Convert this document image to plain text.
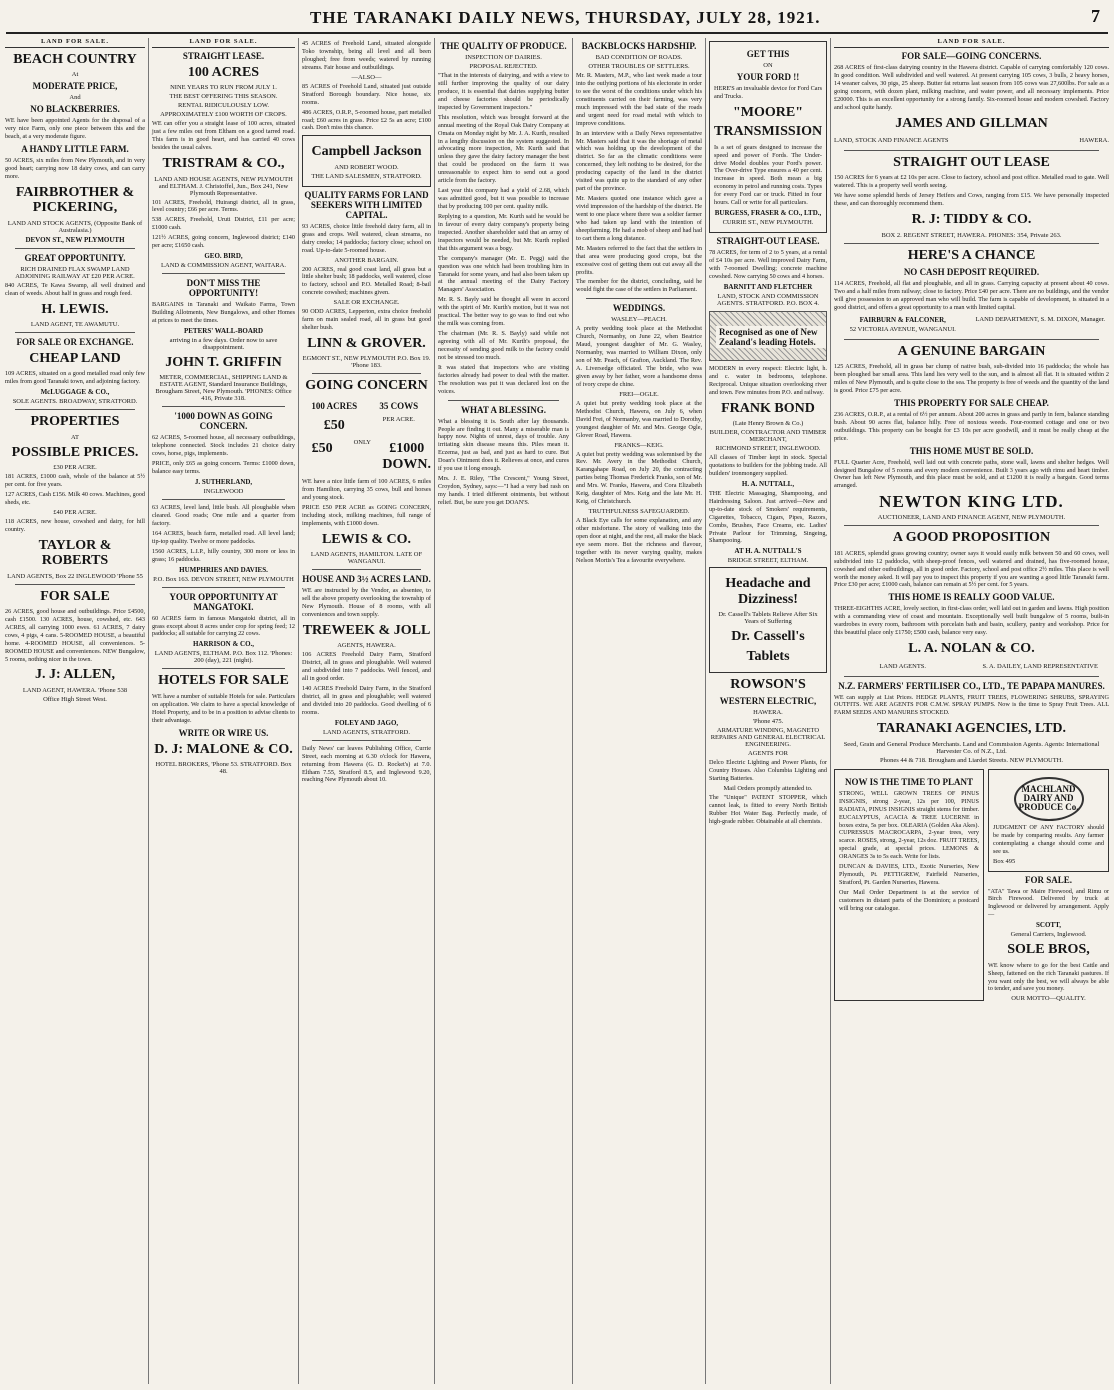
THE TARANAKI DAILY NEWS, THURSDAY, JULY 28, 1921.	7
LAND FOR SALE.
BEACH COUNTRY
At
MODERATE PRICE,
And
NO BLACKBERRIES.
WE have been appointed Agents for the disposal of a very nice Farm, only one piece between this and the beach, at a very moderate figure.
A HANDY LITTLE FARM.
50 ACRES, six miles from New Plymouth, and in very good heart; carrying now 18 dairy cows, and can carry more.
FAIRBROTHER & PICKERING,
LAND AND STOCK AGENTS, (Opposite Bank of Australasia.)
DEVON ST., NEW PLYMOUTH
GREAT OPPORTUNITY.
RICH DRAINED FLAX SWAMP LAND ADJOINING RAILWAY AT £20 PER ACRE.
840 ACRES, Te Kawa Swamp, all well drained and clean of weeds. About half in grass and rough feed.
H. LEWIS.
LAND AGENT, TE AWAMUTU.
FOR SALE OR EXCHANGE.
CHEAP LAND
109 ACRES, situated on a good metalled road only few miles from good Taranaki town, and adjoining factory.
McLUGGAGE & CO.,
SOLE AGENTS. BROADWAY, STRATFORD.
PROPERTIES
AT
POSSIBLE PRICES.
£30 PER ACRE.
181 ACRES, £1000 cash, whole of the balance at 5½ per cent. for five years.
127 ACRES, Cash £156. Milk 40 cows. Machines, good sheds, etc.
£40 PER ACRE.
118 ACRES, new house, cowshed and dairy, for hill country.
TAYLOR & ROBERTS
LAND AGENTS, Box 22 INGLEWOOD 'Phone 55
FOR SALE
26 ACRES, good house and outbuildings. Price £4500, cash £1500. 130 ACRES, house, cowshed, etc. 643 ACRES, all carrying 1000 ewes. 61 ACRES, 7 dairy cows, 4 pigs, 4 cans. 5-ROOMED HOUSE, a beautiful home. 4-ROOMED HOUSE, all conveniences. 5-ROOMED HOUSE and conveniences. NEW Bungalow, 5 rooms, nothing nicer in the town.
J. J: ALLEN,
LAND AGENT, HAWERA. 'Phone 538
Office High Street West.
LAND FOR SALE.
STRAIGHT LEASE.
100 ACRES
NINE YEARS TO RUN FROM JULY 1.
THE BEST OFFERING THIS SEASON.
RENTAL RIDICULOUSLY LOW.
APPROXIMATELY £100 WORTH OF CROPS.
WE can offer you a straight lease of 100 acres, situated just a few miles out from Eltham on a good tarred road. This farm is in good heart, and has carried 40 cows besides the usual calves.
TRISTRAM & CO.,
LAND AND HOUSE AGENTS, NEW PLYMOUTH and ELTHAM. J. Christoffel, Jun., Box 241, New Plymouth Representative.
101 ACRES, Freehold, Huirangi district, all in grass, level country; £66 per acre. Terms.
538 ACRES, Freehold, Uruti District, £11 per acre; £1000 cash.
121½ ACRES, going concern, Inglewood district; £140 per acre; £1650 cash.
GEO. BIRD,
LAND & COMMISSION AGENT, WAITARA.
DON'T MISS THE OPPORTUNITY!
BARGAINS in Taranaki and Waikato Farms, Town Building Allotments, New Bungalows, and other Homes at prices to meet the times.
PETERS' WALL-BOARD
arriving in a few days. Order now to save disappointment.
JOHN T. GRIFFIN
METER, COMMERCIAL, SHIPPING LAND & ESTATE AGENT, Standard Insurance Buildings, Brougham Street, New Plymouth. 'PHONES: Office 416, Private 318.
'1000 DOWN AS GOING CONCERN.
62 ACRES, 5-roomed house, all necessary outbuildings, telephone connected. Stock includes 21 choice dairy cows, horse, pigs, implements.
PRICE, only £65 as going concern. Terms: £1000 down, balance easy terms.
J. SUTHERLAND,
INGLEWOOD
63 ACRES, level land, little bush. All ploughable when cleared. Good roads; One mile and a quarter from factory.
164 ACRES, beach farm, metalled road. All level land; tip-top quality. Twelve or more paddocks.
1560 ACRES, L.I.P., hilly country, 300 more or less in grass; 16 paddocks.
HUMPHRIES AND DAVIES.
P.O. Box 163. DEVON STREET, NEW PLYMOUTH
YOUR OPPORTUNITY AT MANGATOKI.
60 ACRES farm in famous Mangatoki district, all in grass except about 8 acres under crop for spring feed; 12 paddocks; all suitable for carrying 22 cows.
HARRISON & CO.,
LAND AGENTS, ELTHAM. P.O. Box 112. 'Phones: 200 (day), 221 (night).
HOTELS FOR SALE
WE have a number of suitable Hotels for sale. Particulars on application. We claim to have a special knowledge of Hotel Property, and to be in a position to advise clients to their advantage.
WRITE OR WIRE US.
D. J: MALONE & CO.
HOTEL BROKERS, 'Phone 53. STRATFORD. Box 48.
45 ACRES of Freehold Land, situated alongside Toko township, being all level and all been ploughed; free from weeds; watered by running streams. Fair house and outbuildings.
—ALSO—
85 ACRES of Freehold Land, situated just outside Stratford Borough boundary. Nice house, six rooms.
486 ACRES, O.R.P., 5-roomed house, part metalled road; £60 acres in grass. Price £2 5s an acre; £100 cash. Don't miss this chance.
Campbell Jackson
AND ROBERT WOOD.
THE LAND SALESMEN, STRATFORD.
QUALITY FARMS FOR LAND SEEKERS WITH LIMITED CAPITAL.
93 ACRES, choice little freehold dairy farm, all in grass and crops. Well watered, clean streams, no dairy creeks; 14 paddocks; factory close; school on road. Up-to-date 5-roomed house.
ANOTHER BARGAIN.
200 ACRES, real good coast land, all grass but a little shelter bush; 18 paddocks, well watered, close to factory, school and P.O. Metalled Road; 8-bail concrete cowshed; machines given.
SALE OR EXCHANGE.
90 ODD ACRES, Lepperton, extra choice freehold farm on main sealed road, all in grass but good shelter bush.
LINN & GROVER.
EGMONT ST., NEW PLYMOUTH P.O. Box 19. 'Phone 183.
GOING CONCERN
100 ACRES	35 COWS
£50	PER ACRE.
£50	ONLY	£1000 DOWN.
WE have a nice little farm of 100 ACRES, 6 miles from Hamilton, carrying 35 cows, bull and horses and young stock.
PRICE £50 PER ACRE as GOING CONCERN, including stock, milking machines, full range of implements, with £1000 down.
LEWIS & CO.
LAND AGENTS, HAMILTON. LATE OF WANGANUI.
HOUSE AND 3½ ACRES LAND.
WE are instructed by the Vendor, as absentee, to sell the above property overlooking the township of New Plymouth. House of 8 rooms, with all conveniences and town supply.
TREWEEK & JOLL
AGENTS, HAWERA.
106 ACRES Freehold Dairy Farm, Stratford District, all in grass and ploughable. Well watered and subdivided into 7 paddocks. Well fenced, and all in good order.
140 ACRES Freehold Dairy Farm, in the Stratford district, all in grass and ploughable; well watered and divided into 20 paddocks. Good dwelling of 6 rooms.
FOLEY AND JAGO,
LAND AGENTS, STRATFORD.
Daily News' car leaves Publishing Office, Currie Street, each morning at 6.30 o'clock for Hawera, returning from Hawera (G. D. Rocket's) at 7.0. Eltham 7.55, Stratford 8.5, and Inglewood 9.20, reaching New Plymouth about 10.
THE QUALITY OF PRODUCE.
INSPECTION OF DAIRIES.
PROPOSAL REJECTED.
"That in the interests of dairying, and with a view to still further improving the quality of our dairy produce, it is essential that dairies supplying butter and cheese factories should be periodically inspected by Government inspectors."
This resolution, which was brought forward at the annual meeting of the Royal Oak Dairy Company at Omata on Monday night by Mr. J. A. Kurth, resulted in a lengthy discussion on the system suggested. In advocating more inspection, Mr. Kurth said that unless they gave the dairy factory manager the best that could be produced on the farm it was unreasonable to expect him to send out a good article from the factory.
Last year this company had a yield of 2.68, which was admitted good, but it was possible to increase that by producing 100 per cent. quality milk.
Replying to a question, Mr. Kurth said he would be in favour of every dairy company's property being inspected. Another shareholder said that an army of inspectors would be needed, but Mr. Kurth replied that this argument was a bogy.
The company's manager (Mr. E. Pegg) said the question was one which had been troubling him in Taranaki for some years, and had also been taken up at the annual meeting of the Dairy Factory Managers' Association.
Mr. R. S. Bayly said he thought all were in accord with the spirit of Mr. Kurth's motion, but it was not practical. The better way to go was to find out who the milk was coming from.
The chairman (Mr. R. S. Bayly) said while not agreeing with all of Mr. Kurth's proposal, the necessity of sending good milk to the factory could not be stressed too much.
It was stated that inspectors who are visiting factories already had power to deal with the matter. The resolution was put it was declared lost on the voices.
WHAT A BLESSING.
What a blessing it is. South after lay thousands. People are finding it out. Many a miserable man is happy now. Nights of unrest, days of trouble. Any irritating skin disease means this. Piles mean it. Eczema, just as bad, and just as hard to cure. But Doan's Ointment does it. Relieves at once, and cures if you use it long enough.
Mrs. J. E. Riley, "The Crescent," Young Street, Croydon, Sydney, says:—"I had a very bad rash on my hands. I tried different ointments, but without relief. But, be sure you get DOAN'S.
BACKBLOCKS HARDSHIP.
BAD CONDITION OF ROADS.
OTHER TROUBLES OF SETTLERS.
Mr. R. Masters, M.P., who last week made a tour into the outlying portions of his electorate in order to see the worst of the conditions under which his constituents carried on their farming, was very much impressed with the bad state of the roads and urgent need for road metal with which to improve conditions.
In an interview with a Daily News representative Mr. Masters said that it was the shortage of metal which was holding up the development of the district. So far as the climatic conditions were concerned, they left nothing to be desired, for the producing capacity of the land in the district visited was quite up to the standard of any other part of the province.
Mr. Masters quoted one instance which gave a vivid impression of the hardship of the district. He went to one place where there was a soldier farmer who had taken up land with the intention of sheepfarming. He had a mob of sheep and had had to cart them a long distance.
Mr. Masters referred to the fact that the settlers in that area were producing good crops, but the excessive cost of getting them out cut away all the profits.
The member for the district, concluding, said he would fight the case of the settlers in Parliament.
WEDDINGS.
WASLEY—PEACH.
A pretty wedding took place at the Methodist Church, Normanby, on June 22, when Beatrice Maud, youngest daughter of Mr. G. Wasley, Normanby, was married to William Dixon, only son of Mr. Peach, of Grafton, Auckland. The Rev. A. Liversedge officiated. The bride, who was given away by her father, wore a handsome dress of ivory crepe de chine.
FREI—OGLE.
A quiet but pretty wedding took place at the Methodist Church, Hawera, on July 6, when David Frei, of Normanby, was married to Dorothy, youngest daughter of Mr. and Mrs. George Ogle, Glover Road, Hawera.
FRANKS—KEIG.
A quiet but pretty wedding was solemnised by the Rev. Mr. Avery in the Methodist Church, Karangahape Road, on July 20, the contracting parties being Thomas Frederick Franks, son of Mr. and Mrs. W. Franks, Hawera, and Cora Elizabeth Keig, daughter of Mrs. Keig and the late Mr. H. Keig, of Christchurch.
TRUTHFULNESS SAFEGUARDED.
A Black Eye calls for some explanation, and any other misfortune. The story of walking into the open door at night, and the rest, all make the black eye seem more. But the richness and flavour, together with its never varying quality, makes Nelson Mortis's Tea a favourite everywhere.
GET THIS
ON
YOUR FORD !!
HERE'S an invaluable device for Ford Cars and Trucks.
"MOORE"
TRANSMISSION
Is a set of gears designed to increase the speed and power of Fords. The Under-drive Model doubles your Ford's power. The Over-drive Type ensures a 40 per cent. increase in speed. Both mean a big economy in petrol and running costs. Types for every Ford car or truck. Fitted in four hours. Call or write for all particulars.
BURGESS, FRASER & CO., LTD.,
CURRIE ST., NEW PLYMOUTH.
STRAIGHT-OUT LEASE.
78 ACRES, for term of 2 to 5 years, at a rental of £4 10s per acre. Well improved Dairy Farm, with 7-roomed Dwelling; concrete machine cowshed. Now carrying 50 cows and 4 horses.
BARNITT AND FLETCHER
LAND, STOCK AND COMMISSION AGENTS. STRATFORD. P.O. BOX 4.
Recognised as one of New Zealand's leading Hotels.
MODERN in every respect: Electric light, h. and c. water in bedrooms, telephone. Reciprocal. Unique situation overlooking river and town. Few minutes from P.O. and railway.
FRANK BOND
(Late Henry Brown & Co.)
BUILDER, CONTRACTOR AND TIMBER MERCHANT,
RICHMOND STREET, INGLEWOOD.
All classes of Timber kept in stock. Special quotations to builders for the jobbing trade. All builders' ironmongery supplied.
H. A. NUTTALL,
THE Electric Massaging, Shampooing, and Hairdressing Saloon. Just arrived—New and up-to-date stock of Smokers' requirements, Cigarettes, Tobacco, Cigars, Pipes, Razors, Combs, Brushes, Face Creams, etc. Ladies' Private Parlour for Trimming, Singeing, Shampooing.
AT H. A. NUTTALL'S
BRIDGE STREET, ELTHAM.
Headache and Dizziness!
Dr. Cassell's Tablets Relieve After Six Years of Suffering
Dr. Cassell's
Tablets
ROWSON'S
WESTERN ELECTRIC,
HAWERA.
'Phone 475.
ARMATURE WINDING, MAGNETO REPAIRS AND GENERAL ELECTRICAL ENGINEERING.
AGENTS FOR
Delco Electric Lighting and Power Plants, for Country Houses. Also Columbia Lighting and Starting Batteries.
Mail Orders promptly attended to.
The "Unique" PATENT STOPPER, which cannot leak, is fitted to every North British Rubber Hot Water Bag. Perfectly made, of high-grade rubber. Obtainable at all chemists.
LAND FOR SALE.
FOR SALE—GOING CONCERNS.
268 ACRES of first-class dairying country in the Hawera district. Capable of carrying comfortably 120 cows. In good condition. Well subdivided and well watered. At present carrying 105 cows, 3 bulls, 2 heavy horses, 14 weaner calves, 30 pigs, 25 sheep. Butter fat returns last season from 105 cows was 27,600lbs. For sale as a going concern, with dozen plant, milking machine, and water power, and all necessary implements. Price £20000. This is an excellent opportunity for a strong family. Six-roomed house and modern cowshed. Factory and school quite handy.
JAMES AND GILLMAN
LAND, STOCK AND FINANCE AGENTS	HAWERA.
STRAIGHT OUT LEASE
150 ACRES for 6 years at £2 10s per acre. Close to factory, school and post office. Metalled road to gate. Well watered. This is a property well worth seeing.
We have some splendid herds of Jersey Heifers and Cows, ranging from £15. We have personally inspected these, and can thoroughly recommend them.
R. J: TIDDY & CO.
BOX 2. REGENT STREET, HAWERA. PHONES: 354, Private 263.
HERE'S A CHANCE
NO CASH DEPOSIT REQUIRED.
114 ACRES, Freehold, all flat and ploughable, and all in grass. Carrying capacity at present about 40 cows. Two and a half miles from railway; close to factory. Price £40 per acre. There are no buildings, and the vendor will give possession to an approved man who will build. The farm is capable of development, is situated in a good district, and offers a great opportunity to a man with limited capital.
FAIRBURN & FALCONER,
52 VICTORIA AVENUE, WANGANUI.
LAND DEPARTMENT, S. M. DIXON, Manager.
A GENUINE BARGAIN
125 ACRES, Freehold, all in grass bar clump of native bush, sub-divided into 16 paddocks; the whole has been ploughed bar small area. This land lies very well to the sun, and is almost all flat. It is situated within 2 miles of New Plymouth, and is quite close to the sea. The property is free of weeds and the quantity of the land is good. Price £75 per acre.
THIS PROPERTY FOR SALE CHEAP.
236 ACRES, O.R.P., at a rental of 6½ per annum. About 200 acres in grass and partly in fern, balance standing bush. About 90 acres flat, balance hilly. Free of noxious weeds. Four-roomed cottage and one or two outbuildings. This property can be bought for £3 10s per acre goodwill, and it must be really cheap at the price.
THIS HOME MUST BE SOLD.
FULL Quarter Acre, Freehold, well laid out with concrete paths, stone wall, lawns and shelter hedges. Well designed Bungalow of 5 rooms and every modern convenience. Built 3 years ago with rimu and heart timber. Owner has left New Plymouth, and this place must be sold, and at £1200 it is really a bargain. Good terms arranged.
NEWTON KING LTD.
AUCTIONEER, LAND AND FINANCE AGENT, NEW PLYMOUTH.
A GOOD PROPOSITION
181 ACRES, splendid grass growing country; owner says it would easily milk between 50 and 60 cows, well subdivided into 12 paddocks, with sheep-proof fences, well watered and drained, has five-roomed house, cowshed and other outbuildings, all in good order. Factory, school and post office 2½ miles. This place is well worth the money asked. It will pay you to inspect this property if you are wanting a good little Taranaki farm. Price £30 per acre; £1000 cash, balance can remain at 5½ per cent. for 5 years.
THIS HOME IS REALLY GOOD VALUE.
THREE-EIGHTHS ACRE, lovely section, in first-class order, well laid out in garden and lawns. High position with a commanding view of coast and mountain. Exceptionally well built bungalow of 5 rooms, built-in wardrobes in every room, bathroom with porcelain bath and basin, scullery, pantry and workshop. Price for this beautiful place only £1750; £500 cash, balance very easy.
L. A. NOLAN & CO.
LAND AGENTS.	S. A. DAILEY, LAND REPRESENTATIVE
N.Z. FARMERS' FERTILISER CO., LTD., TE PAPAPA MANURES.
WE can supply at List Prices. HEDGE PLANTS, FRUIT TREES, FLOWERING SHRUBS, SPRAYING OUTFITS. WE ARE AGENTS FOR C.M.W. SPRAY PUMPS. Now is the time to Spray Fruit Trees. ALL FARM SEEDS AND MANURES STOCKED.
TARANAKI AGENCIES, LTD.
Seed, Grain and General Produce Merchants. Land and Commission Agents. Agents: International Harvester Co. of N.Z., Ltd.
Phones 44 & 718. Brougham and Liardet Streets. NEW PLYMOUTH.
NOW IS THE TIME TO PLANT
STRONG, WELL GROWN TREES OF PINUS INSIGNIS, strong 2-year, 12s per 100, PINUS RADIATA, PINUS INSIGNIS straight stems for timber. EUCALYPTUS, ACACIA & TREE LUCERNE in boxes extra, 5s per box. OLEARIA (Golden Aka Akes). CUPRESSUS MACROCARPA, 2-year trees, very scarce. ROSES, strong, 2-year, 12s doz. FRUIT TREES, special grade, at special prices. LEMONS & ORANGES 3s to 5s each. Write for lists.
DUNCAN & DAVIES, LTD., Exotic Nurseries, New Plymouth, Pt. PETTIGREW, Fairfield Nurseries, Stratford, Pt. Garden Nurseries, Hawera.
Our Mail Order Department is at the service of customers in distant parts of the Dominion; a postcard will bring our catalogue.
MACHLAND DAIRY AND PRODUCE Co.
JUDGMENT OF ANY FACTORY should be made by comparing results. Any farmer contemplating a change should come and see us.
Box 495
FOR SALE.
"ATA" Tawa or Maire Firewood, and Rimu or Birch Firewood. Delivered by truck at Inglewood or delivered by arrangement. Apply—
SCOTT,
General Carriers, Inglewood.
SOLE BROS,
WE know where to go for the best Cattle and Sheep, fattened on the rich Taranaki pastures. If you want only the best, we will always be able to tender, and save you money.
OUR MOTTO—QUALITY.
